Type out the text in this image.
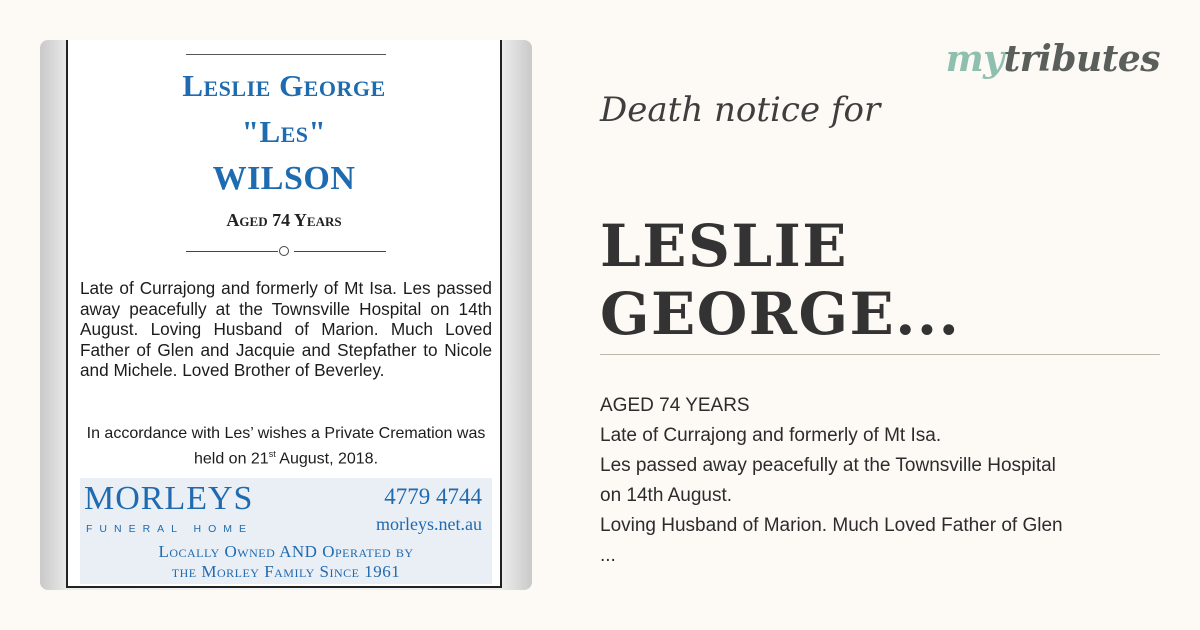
Leslie George
"Les"
WILSON
Aged 74 Years
Late of Currajong and formerly of Mt Isa. Les passed away peacefully at the Townsville Hospital on 14th August. Loving Husband of Marion. Much Loved Father of Glen and Jacquie and Stepfather to Nicole and Michele. Loved Brother of Beverley.
In accordance with Les’ wishes a Private Cremation was held on 21st August, 2018.
MORLEYS
FUNERAL HOME
4779 4744
morleys.net.au
Locally Owned AND Operated by
the Morley Family Since 1961
mytributes
Death notice for
LESLIE GEORGE...
AGED 74 YEARS
Late of Currajong and formerly of Mt Isa.
Les passed away peacefully at the Townsville Hospital
on 14th August.
Loving Husband of Marion. Much Loved Father of Glen
...
